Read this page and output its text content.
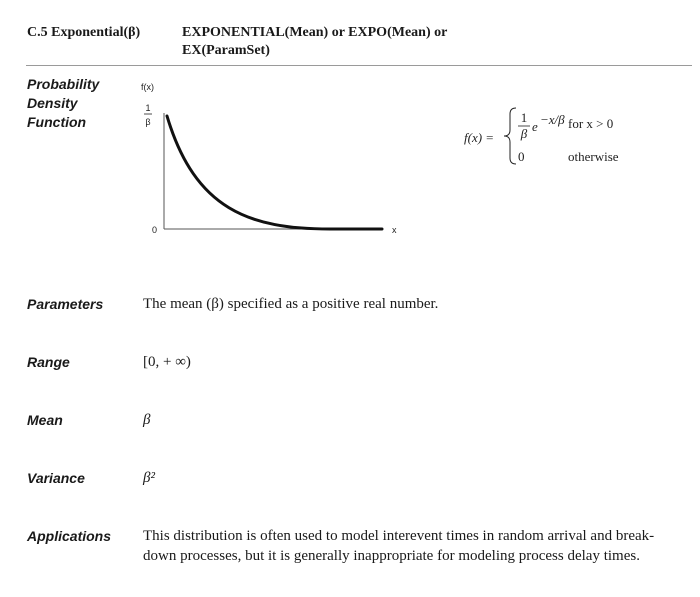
C.5 Exponential(β)	EXPONENTIAL(Mean) or EXPO(Mean) or
EX(ParamSet)
Probability
Density
Function
f(x)
1
β
0	x
f(x) =
1
β e −x/β for x > 0
0	otherwise
Parameters	The mean (β) specified as a positive real number.
Range	[0, + ∞)
Mean	β
Variance	β²
Applications This distribution is often used to model interevent times in random arrival and break-
down processes, but it is generally inappropriate for modeling process delay times.
